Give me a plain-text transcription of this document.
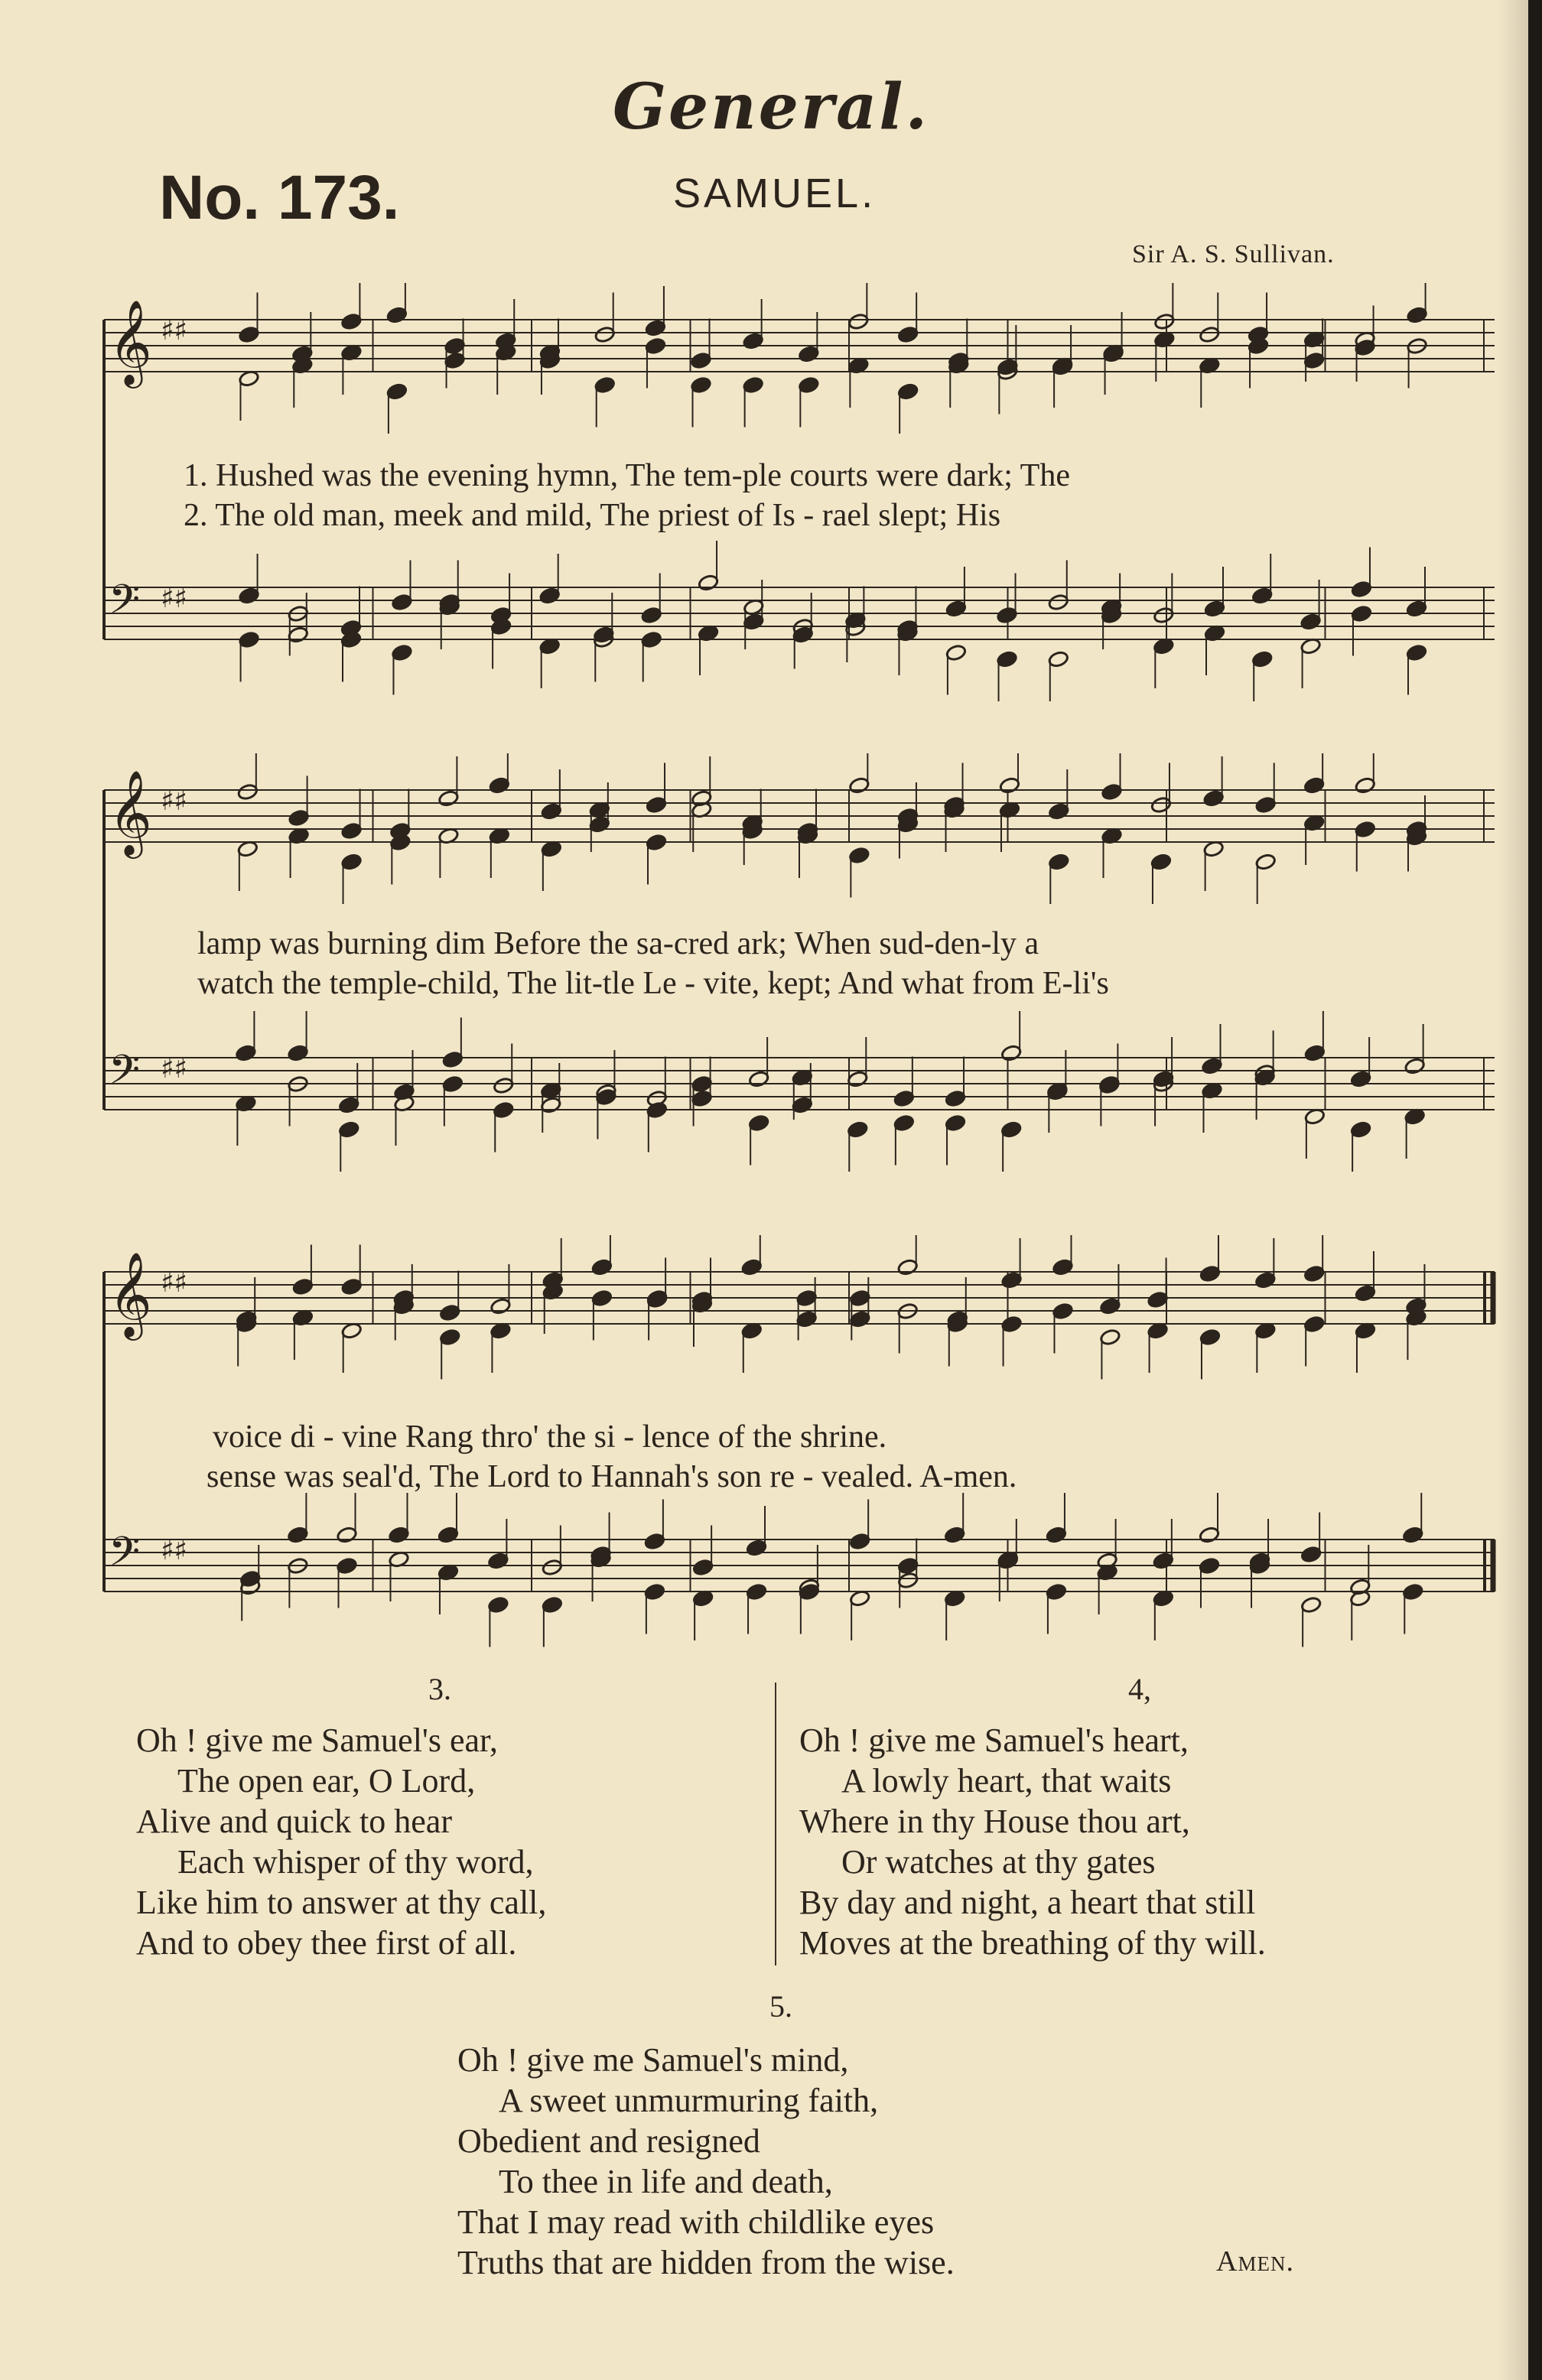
General.
No. 173.	SAMUEL.
Sir A. S. Sullivan.
𝄞 ♯♯
𝄢 ♯♯
1. Hushed was the evening hymn, The tem-ple courts were dark; The
2. The old man, meek and mild, The priest of Is - rael slept; His
𝄞 ♯♯
𝄢 ♯♯
lamp was burning dim Before the sa-cred ark; When sud-den-ly a
watch the temple-child, The lit-tle Le - vite, kept; And what from E-li's
𝄞 ♯♯
𝄢 ♯♯
voice di - vine Rang thro' the si - lence of the shrine.
sense was seal'd, The Lord to Hannah's son re - vealed. A-men.
3.
Oh ! give me Samuel's ear,
The open ear, O Lord,
Alive and quick to hear
Each whisper of thy word,
Like him to answer at thy call,
And to obey thee first of all.
4,
Oh ! give me Samuel's heart,
A lowly heart, that waits
Where in thy House thou art,
Or watches at thy gates
By day and night, a heart that still
Moves at the breathing of thy will.
5.
Oh ! give me Samuel's mind,
A sweet unmurmuring faith,
Obedient and resigned
To thee in life and death,
That I may read with childlike eyes
Truths that are hidden from the wise.	Amen.
